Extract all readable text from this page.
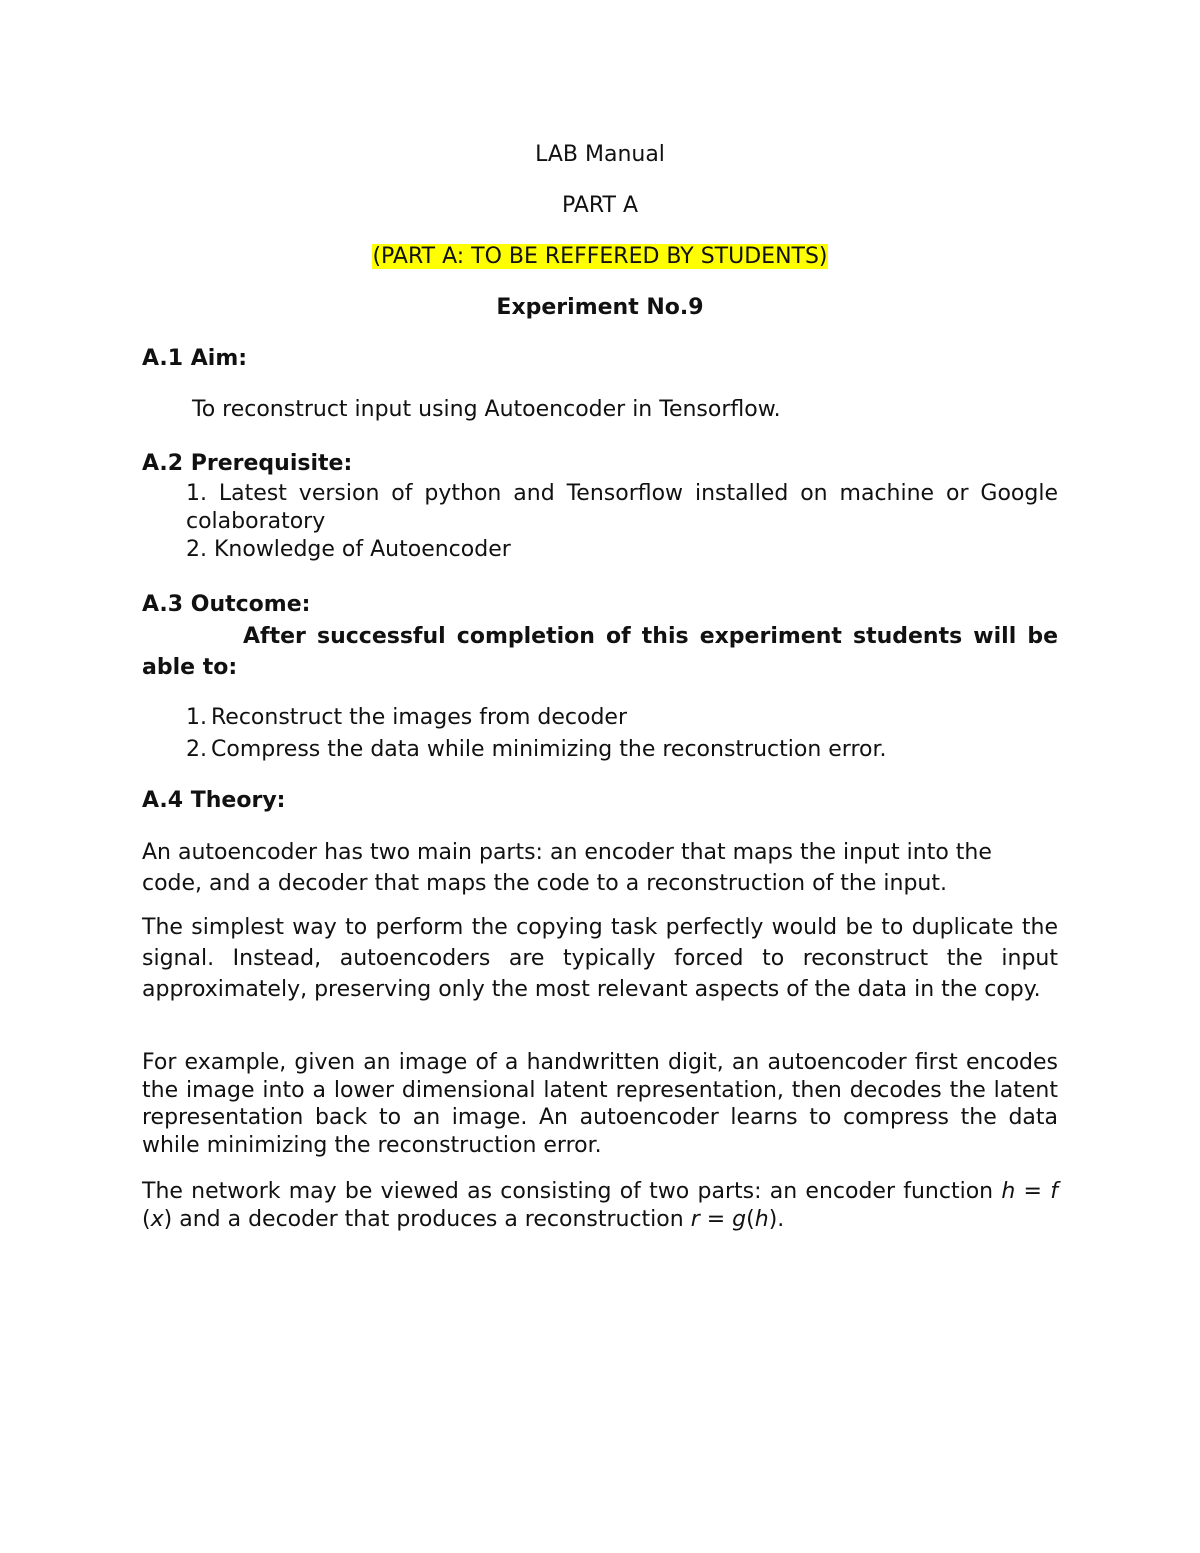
LAB Manual
PART A
(PART A: TO BE REFFERED BY STUDENTS)
Experiment No.9
A.1 Aim:
To reconstruct input using Autoencoder in Tensorflow.
A.2 Prerequisite:

1. Latest version of python and Tensorflow installed on machine or Google colaboratory

2. Knowledge of Autoencoder
A.3 Outcome:

After successful completion of this experiment students will be able to:

1. Reconstruct the images from decoder
2. Compress the data while minimizing the reconstruction error.
A.4 Theory:

An autoencoder has two main parts: an encoder that maps the input into the code, and a decoder that maps the code to a reconstruction of the input.

The simplest way to perform the copying task perfectly would be to duplicate the signal. Instead, autoencoders are typically forced to reconstruct the input approximately, preserving only the most relevant aspects of the data in the copy.

For example, given an image of a handwritten digit, an autoencoder first encodes the image into a lower dimensional latent representation, then decodes the latent representation back to an image. An autoencoder learns to compress the data while minimizing the reconstruction error.

The network may be viewed as consisting of two parts: an encoder function h = f (x) and a decoder that produces a reconstruction r = g(h).
